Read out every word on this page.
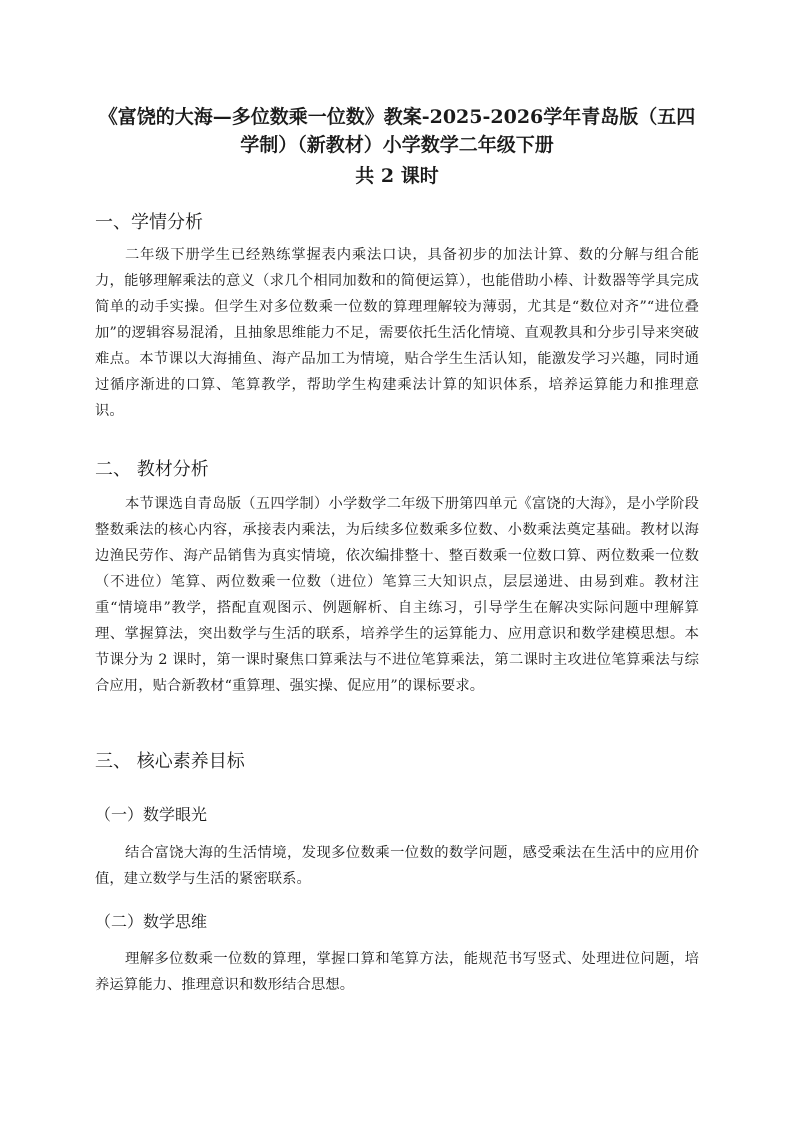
《富饶的大海—多位数乘一位数》教案-2025-2026学年青岛版（五四
学制）（新教材）小学数学二年级下册
共 2 课时
一、学情分析

二年级下册学生已经熟练掌握表内乘法口诀，具备初步的加法计算、数的分解与组合能力，能够理解乘法的意义（求几个相同加数和的简便运算），也能借助小棒、计数器等学具完成简单的动手实操。但学生对多位数乘一位数的算理理解较为薄弱，尤其是“数位对齐”“进位叠加”的逻辑容易混淆，且抽象思维能力不足，需要依托生活化情境、直观教具和分步引导来突破难点。本节课以大海捕鱼、海产品加工为情境，贴合学生生活认知，能激发学习兴趣，同时通过循序渐进的口算、笔算教学，帮助学生构建乘法计算的知识体系，培养运算能力和推理意识。

二、 教材分析

本节课选自青岛版（五四学制）小学数学二年级下册第四单元《富饶的大海》，是小学阶段整数乘法的核心内容，承接表内乘法，为后续多位数乘多位数、小数乘法奠定基础。教材以海边渔民劳作、海产品销售为真实情境，依次编排整十、整百数乘一位数口算、两位数乘一位数（不进位）笔算、两位数乘一位数（进位）笔算三大知识点，层层递进、由易到难。教材注重“情境串”教学，搭配直观图示、例题解析、自主练习，引导学生在解决实际问题中理解算理、掌握算法，突出数学与生活的联系，培养学生的运算能力、应用意识和数学建模思想。本节课分为 2 课时，第一课时聚焦口算乘法与不进位笔算乘法，第二课时主攻进位笔算乘法与综合应用，贴合新教材“重算理、强实操、促应用”的课标要求。

三、 核心素养目标
（一）数学眼光

结合富饶大海的生活情境，发现多位数乘一位数的数学问题，感受乘法在生活中的应用价值，建立数学与生活的紧密联系。

（二）数学思维

理解多位数乘一位数的算理，掌握口算和笔算方法，能规范书写竖式、处理进位问题，培养运算能力、推理意识和数形结合思想。
